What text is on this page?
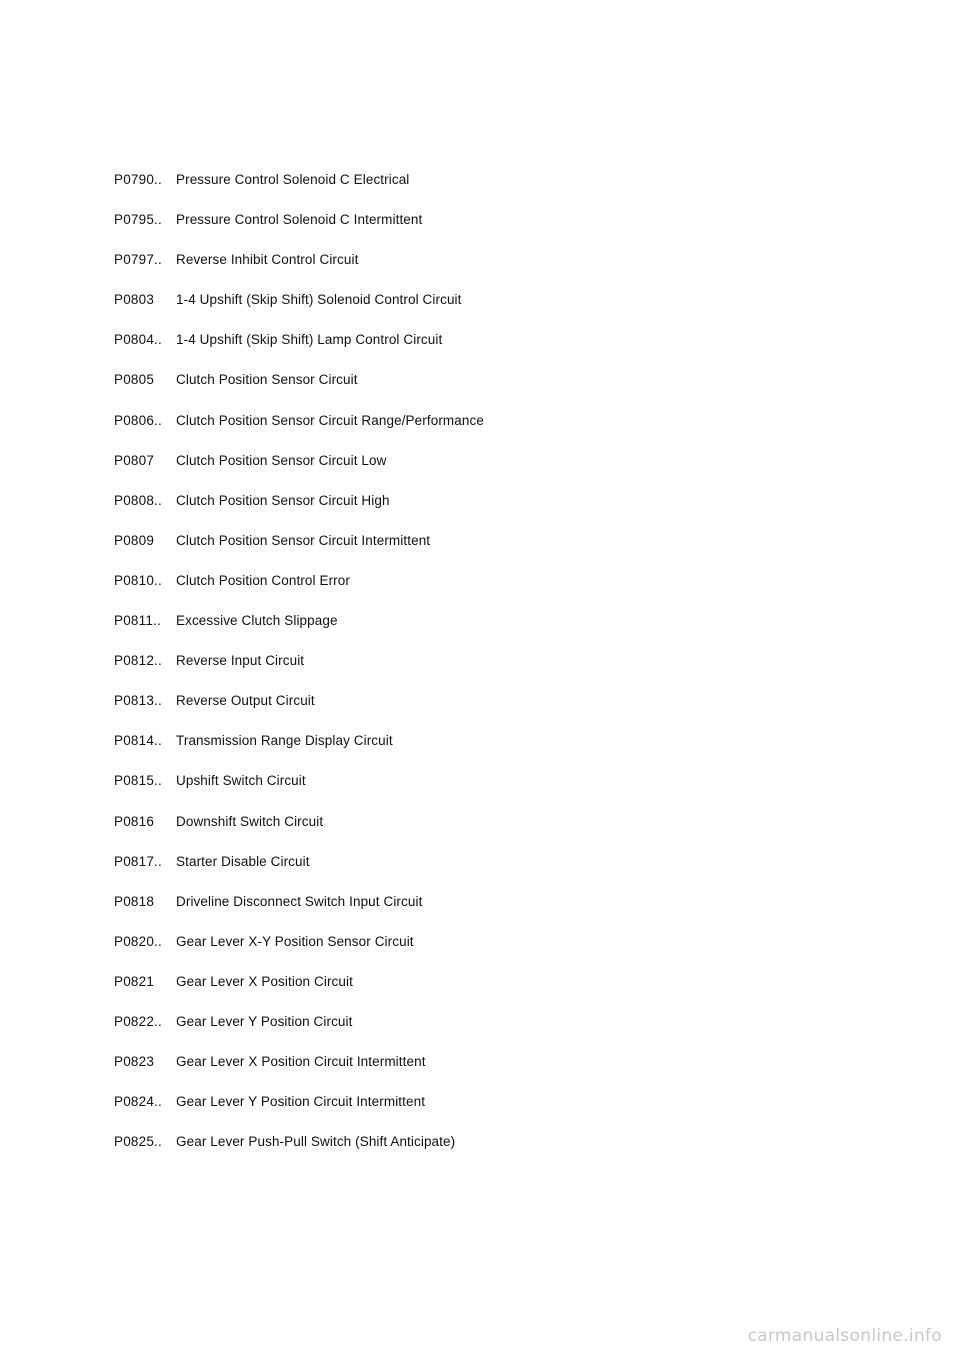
P0790..	Pressure Control Solenoid C Electrical
P0795..	Pressure Control Solenoid C Intermittent
P0797..	Reverse Inhibit Control Circuit
P0803	1-4 Upshift (Skip Shift) Solenoid Control Circuit
P0804..	1-4 Upshift (Skip Shift) Lamp Control Circuit
P0805	Clutch Position Sensor Circuit
P0806..	Clutch Position Sensor Circuit Range/Performance
P0807	Clutch Position Sensor Circuit Low
P0808..	Clutch Position Sensor Circuit High
P0809	Clutch Position Sensor Circuit Intermittent
P0810..	Clutch Position Control Error
P0811..	Excessive Clutch Slippage
P0812..	Reverse Input Circuit
P0813..	Reverse Output Circuit
P0814..	Transmission Range Display Circuit
P0815..	Upshift Switch Circuit
P0816	Downshift Switch Circuit
P0817..	Starter Disable Circuit
P0818	Driveline Disconnect Switch Input Circuit
P0820..	Gear Lever X-Y Position Sensor Circuit
P0821	Gear Lever X Position Circuit
P0822..	Gear Lever Y Position Circuit
P0823	Gear Lever X Position Circuit Intermittent
P0824..	Gear Lever Y Position Circuit Intermittent
P0825..	Gear Lever Push-Pull Switch (Shift Anticipate)
carmanualsonline.info
